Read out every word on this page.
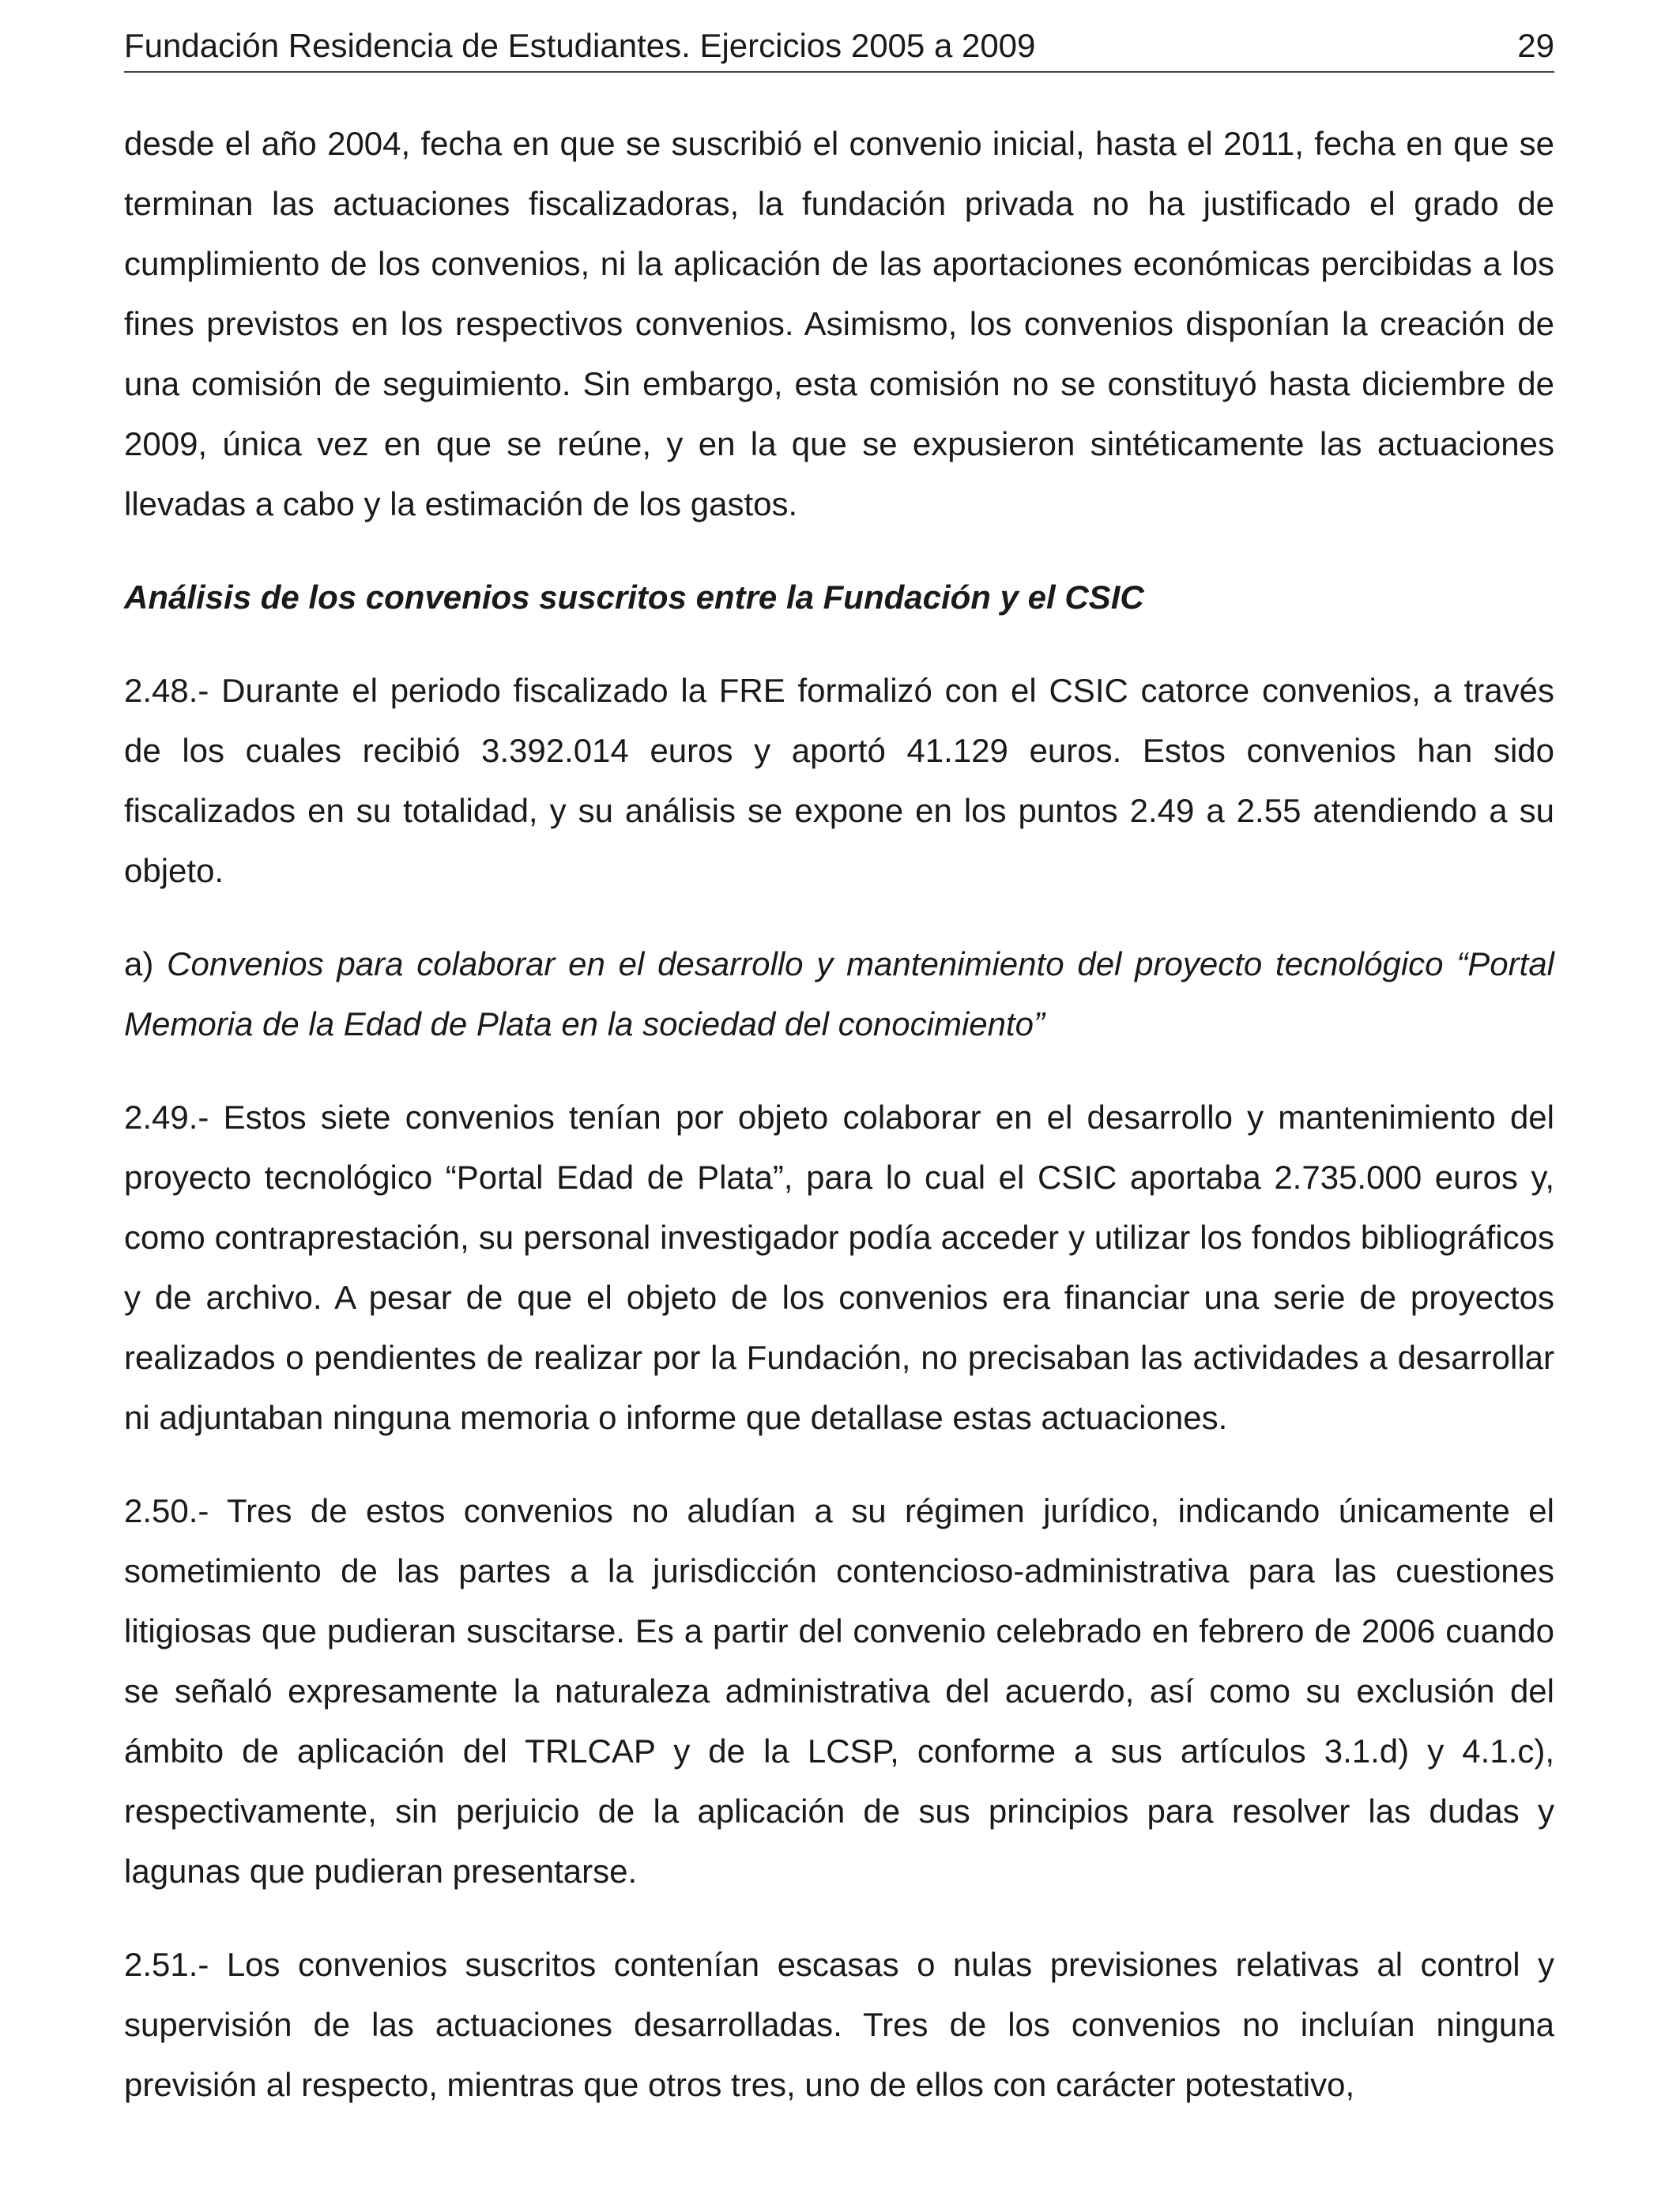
Fundación Residencia de Estudiantes. Ejercicios 2005 a 2009	29

desde el año 2004, fecha en que se suscribió el convenio inicial, hasta el 2011, fecha en que se terminan las actuaciones fiscalizadoras, la fundación privada no ha justificado el grado de cumplimiento de los convenios, ni la aplicación de las aportaciones económicas percibidas a los fines previstos en los respectivos convenios. Asimismo, los convenios disponían la creación de una comisión de seguimiento. Sin embargo, esta comisión no se constituyó hasta diciembre de 2009, única vez en que se reúne, y en la que se expusieron sintéticamente las actuaciones llevadas a cabo y la estimación de los gastos.

Análisis de los convenios suscritos entre la Fundación y el CSIC

2.48.- Durante el periodo fiscalizado la FRE formalizó con el CSIC catorce convenios, a través de los cuales recibió 3.392.014 euros y aportó 41.129 euros. Estos convenios han sido fiscalizados en su totalidad, y su análisis se expone en los puntos 2.49 a 2.55 atendiendo a su objeto.

a) Convenios para colaborar en el desarrollo y mantenimiento del proyecto tecnológico “Portal Memoria de la Edad de Plata en la sociedad del conocimiento”

2.49.- Estos siete convenios tenían por objeto colaborar en el desarrollo y mantenimiento del proyecto tecnológico “Portal Edad de Plata”, para lo cual el CSIC aportaba 2.735.000 euros y, como contraprestación, su personal investigador podía acceder y utilizar los fondos bibliográficos y de archivo. A pesar de que el objeto de los convenios era financiar una serie de proyectos realizados o pendientes de realizar por la Fundación, no precisaban las actividades a desarrollar ni adjuntaban ninguna memoria o informe que detallase estas actuaciones.

2.50.- Tres de estos convenios no aludían a su régimen jurídico, indicando únicamente el sometimiento de las partes a la jurisdicción contencioso-administrativa para las cuestiones litigiosas que pudieran suscitarse. Es a partir del convenio celebrado en febrero de 2006 cuando se señaló expresamente la naturaleza administrativa del acuerdo, así como su exclusión del ámbito de aplicación del TRLCAP y de la LCSP, conforme a sus artículos 3.1.d) y 4.1.c), respectivamente, sin perjuicio de la aplicación de sus principios para resolver las dudas y lagunas que pudieran presentarse.

2.51.- Los convenios suscritos contenían escasas o nulas previsiones relativas al control y supervisión de las actuaciones desarrolladas. Tres de los convenios no incluían ninguna previsión al respecto, mientras que otros tres, uno de ellos con carácter potestativo,
